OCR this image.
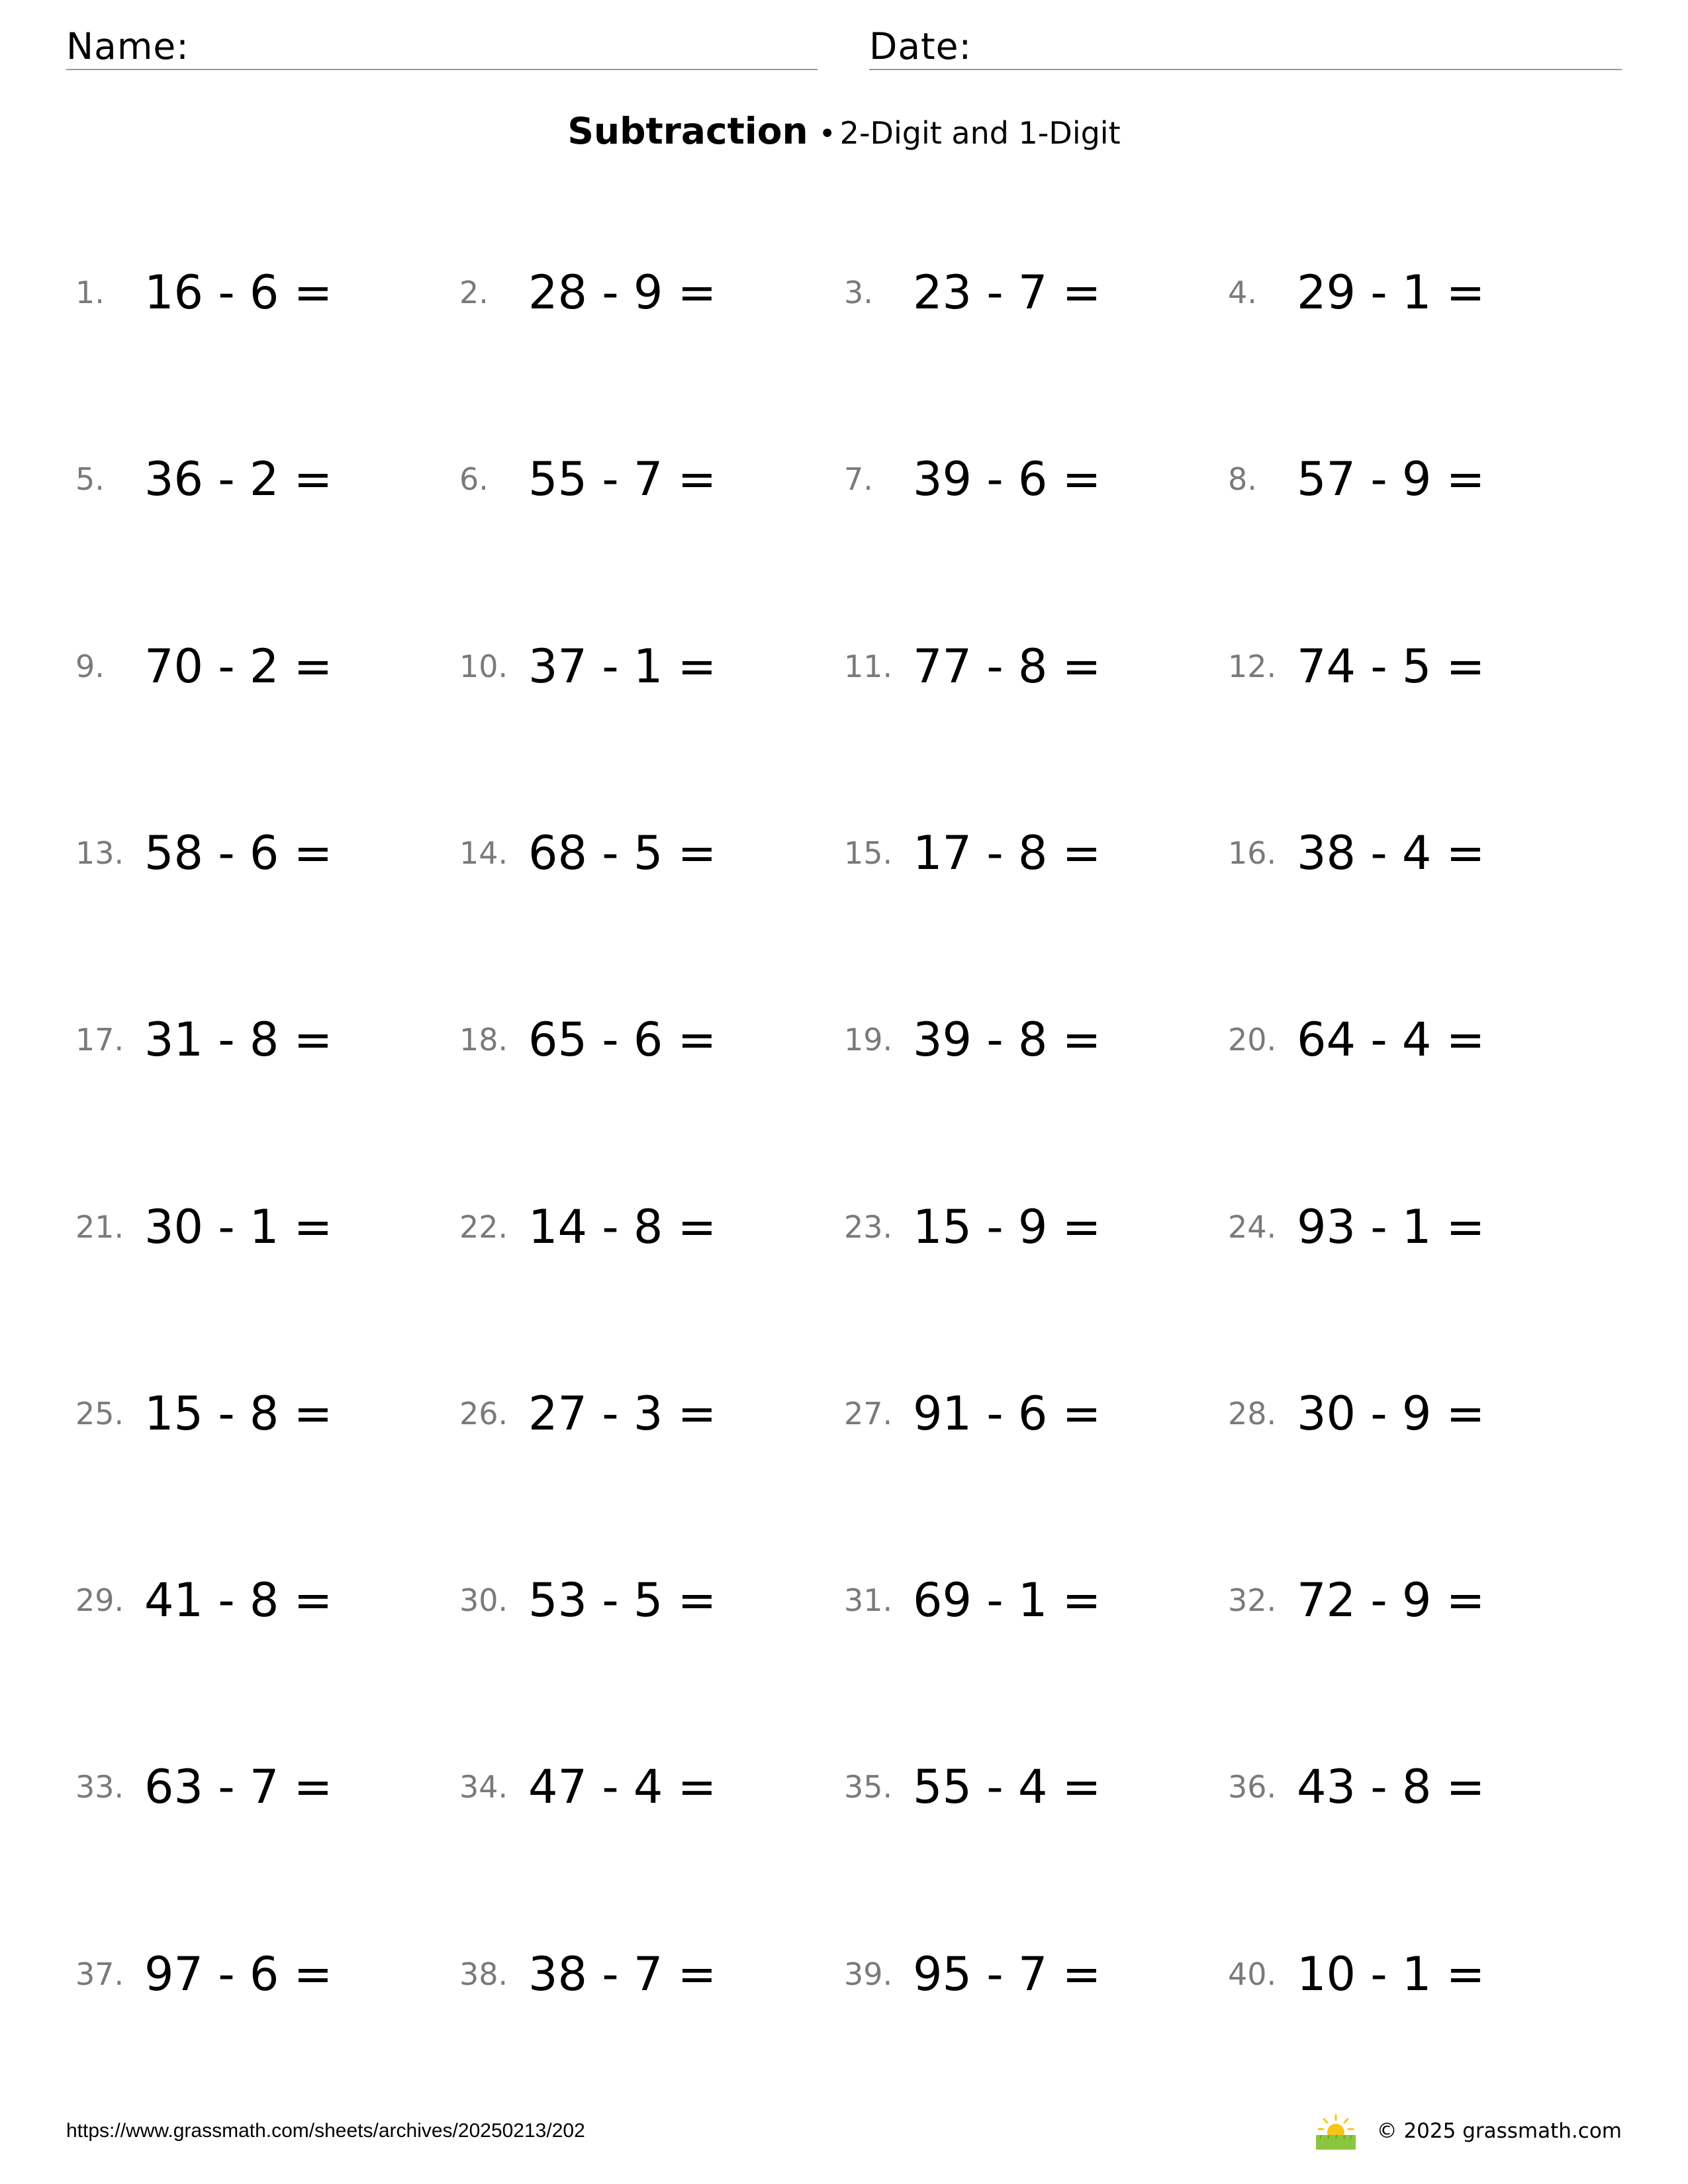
Name:	Date:
Subtraction • 2-Digit and 1-Digit
1. 16 - 6 =	2. 28 - 9 =	3. 23 - 7 =	4. 29 - 1 =
5. 36 - 2 =	6. 55 - 7 =	7. 39 - 6 =	8. 57 - 9 =
9. 70 - 2 =	10. 37 - 1 =	11. 77 - 8 =	12. 74 - 5 =
13. 58 - 6 =	14. 68 - 5 =	15. 17 - 8 =	16. 38 - 4 =
17. 31 - 8 =	18. 65 - 6 =	19. 39 - 8 =	20. 64 - 4 =
21. 30 - 1 =	22. 14 - 8 =	23. 15 - 9 =	24. 93 - 1 =
25. 15 - 8 =	26. 27 - 3 =	27. 91 - 6 =	28. 30 - 9 =
29. 41 - 8 =	30. 53 - 5 =	31. 69 - 1 =	32. 72 - 9 =
33. 63 - 7 =	34. 47 - 4 =	35. 55 - 4 =	36. 43 - 8 =
37. 97 - 6 =	38. 38 - 7 =	39. 95 - 7 =	40. 10 - 1 =
https://www.grassmath.com/sheets/archives/20250213/202	© 2025 grassmath.com
